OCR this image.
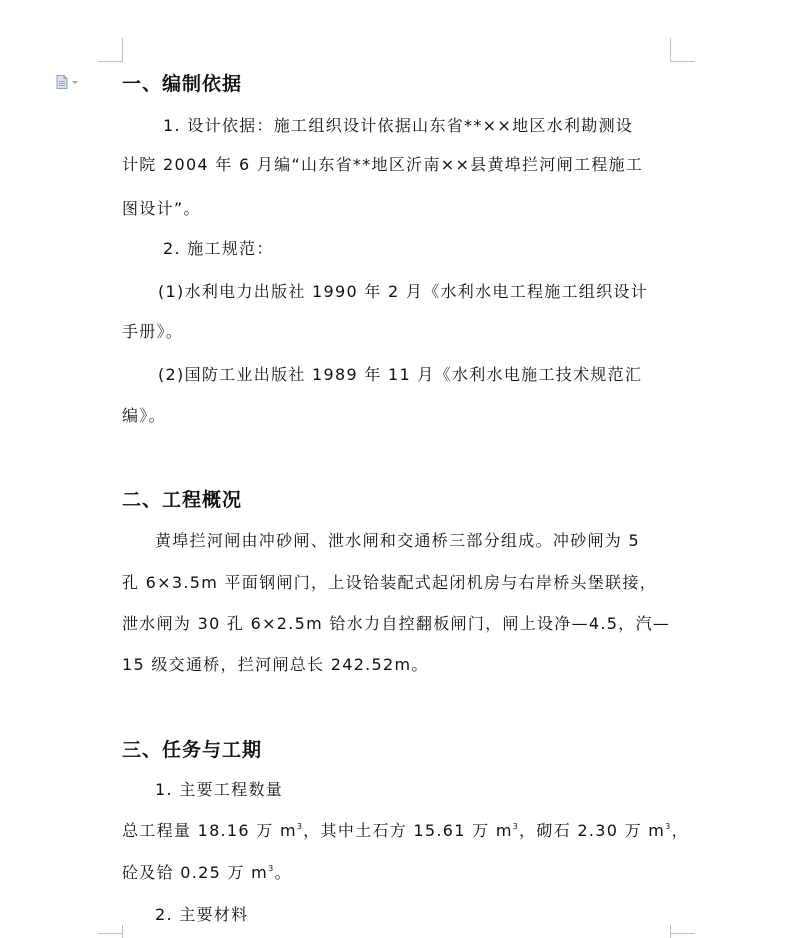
一、编制依据

1. 设计依据：施工组织设计依据山东省**××地区水利勘测设

计院 2004 年 6 月编“山东省**地区沂南××县黄埠拦河闸工程施工

图设计”。

2. 施工规范：

(1)水利电力出版社 1990 年 2 月《水利水电工程施工组织设计

手册》。

(2)国防工业出版社 1989 年 11 月《水利水电施工技术规范汇

编》。

二、工程概况

黄埠拦河闸由冲砂闸、泄水闸和交通桥三部分组成。冲砂闸为 5

孔 6×3.5m 平面钢闸门，上设铪装配式起闭机房与右岸桥头堡联接，

泄水闸为 30 孔 6×2.5m 铪水力自控翻板闸门，闸上设净—4.5，汽—

15 级交通桥，拦河闸总长 242.52m。

三、任务与工期

1. 主要工程数量

总工程量 18.16 万 $m^3$，其中土石方 15.61 万 $m^3$，砌石 2.30 万 $m^3$，

砼及铪 0.25 万 $m^3$。

2. 主要材料
